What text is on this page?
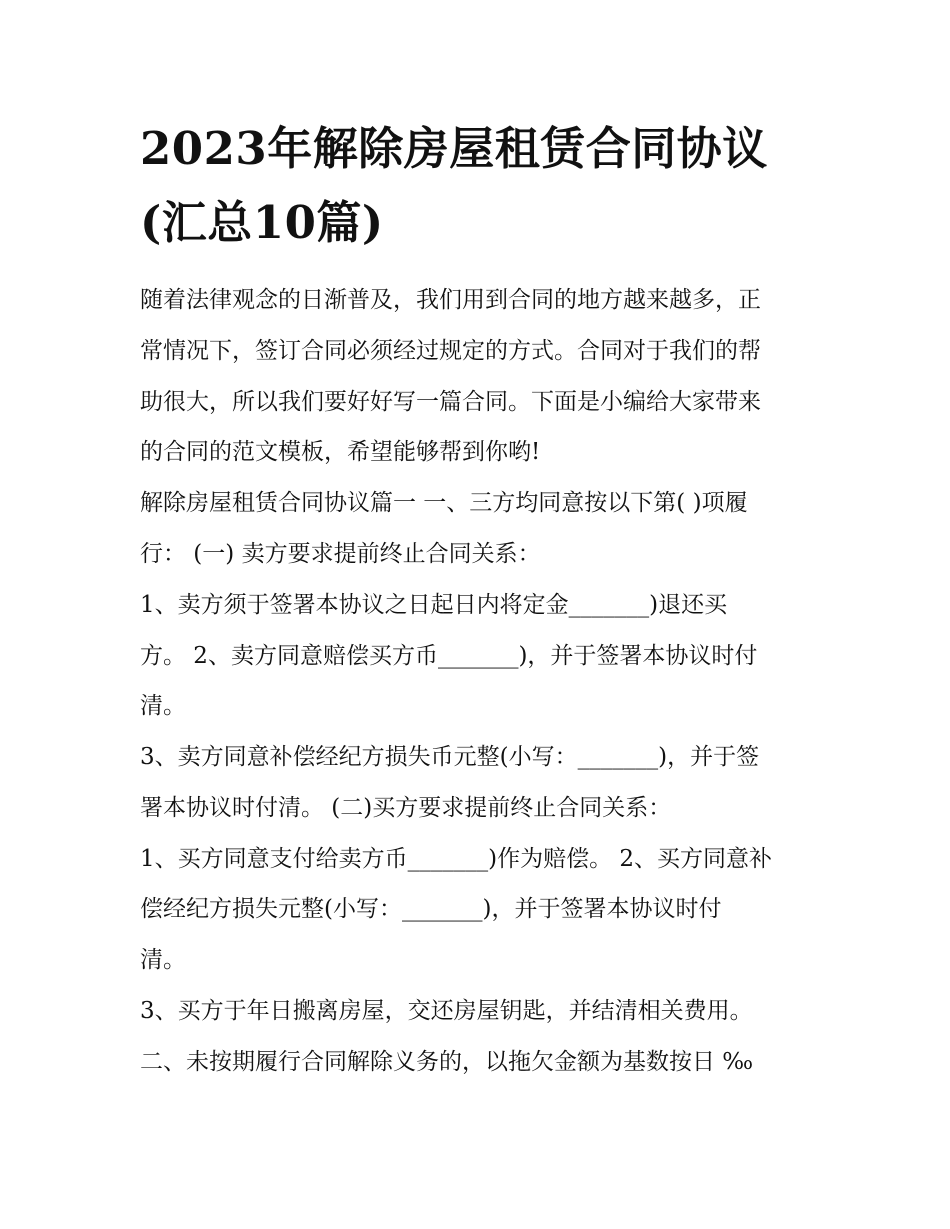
2023年解除房屋租赁合同协议
(汇总10篇)

随着法律观念的日渐普及，我们用到合同的地方越来越多，正

常情况下，签订合同必须经过规定的方式。合同对于我们的帮

助很大，所以我们要好好写一篇合同。下面是小编给大家带来

的合同的范文模板，希望能够帮到你哟!

解除房屋租赁合同协议篇一 一、三方均同意按以下第( )项履

行： (一) 卖方要求提前终止合同关系：

1、卖方须于签署本协议之日起日内将定金_______)退还买

方。 2、卖方同意赔偿买方币_______)，并于签署本协议时付

清。

3、卖方同意补偿经纪方损失币元整(小写：_______)，并于签

署本协议时付清。 (二)买方要求提前终止合同关系：

1、买方同意支付给卖方币_______)作为赔偿。 2、买方同意补

偿经纪方损失元整(小写：_______)，并于签署本协议时付

清。

3、买方于年日搬离房屋，交还房屋钥匙，并结清相关费用。

二、未按期履行合同解除义务的，以拖欠金额为基数按日 ‰
